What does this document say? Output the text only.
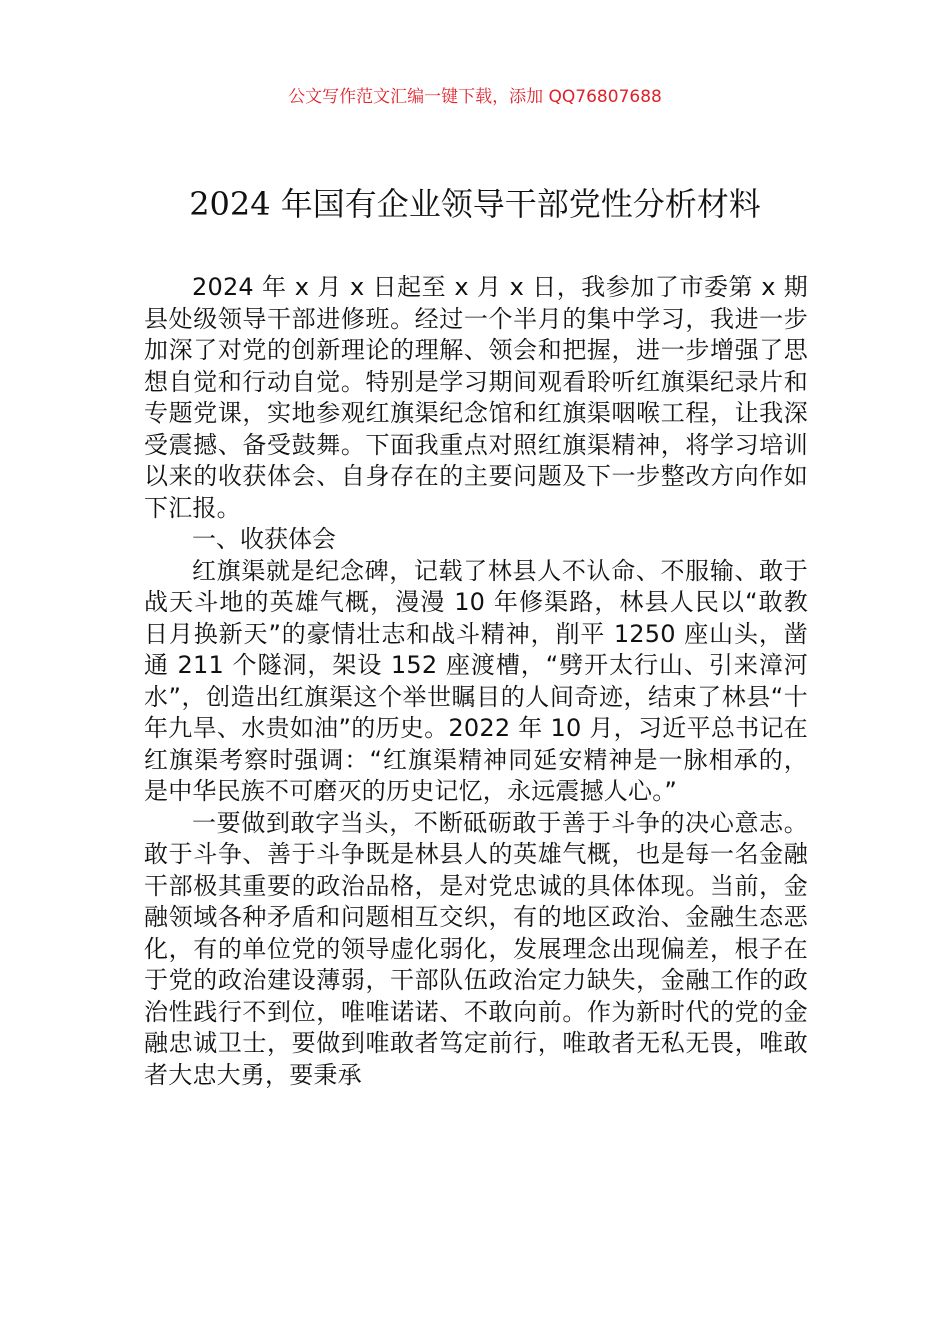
公文写作范文汇编一键下载，添加 QQ76807688
2024 年国有企业领导干部党性分析材料

2024 年 x 月 x 日起至 x 月 x 日，我参加了市委第 x 期县处级领导干部进修班。经过一个半月的集中学习，我进一步加深了对党的创新理论的理解、领会和把握，进一步增强了思想自觉和行动自觉。特别是学习期间观看聆听红旗渠纪录片和专题党课，实地参观红旗渠纪念馆和红旗渠咽喉工程，让我深受震撼、备受鼓舞。下面我重点对照红旗渠精神，将学习培训以来的收获体会、自身存在的主要问题及下一步整改方向作如下汇报。

一、收获体会

红旗渠就是纪念碑，记载了林县人不认命、不服输、敢于战天斗地的英雄气概，漫漫 10 年修渠路，林县人民以“敢教日月换新天”的豪情壮志和战斗精神，削平 1250 座山头，凿通 211 个隧洞，架设 152 座渡槽，“劈开太行山、引来漳河水”，创造出红旗渠这个举世瞩目的人间奇迹，结束了林县“十年九旱、水贵如油”的历史。2022 年 10 月，习近平总书记在红旗渠考察时强调：“红旗渠精神同延安精神是一脉相承的，是中华民族不可磨灭的历史记忆，永远震撼人心。”

一要做到敢字当头，不断砥砺敢于善于斗争的决心意志。敢于斗争、善于斗争既是林县人的英雄气概，也是每一名金融干部极其重要的政治品格，是对党忠诚的具体体现。当前，金融领域各种矛盾和问题相互交织，有的地区政治、金融生态恶化，有的单位党的领导虚化弱化，发展理念出现偏差，根子在于党的政治建设薄弱，干部队伍政治定力缺失，金融工作的政治性践行不到位，唯唯诺诺、不敢向前。作为新时代的党的金融忠诚卫士，要做到唯敢者笃定前行，唯敢者无私无畏，唯敢者大忠大勇，要秉承
